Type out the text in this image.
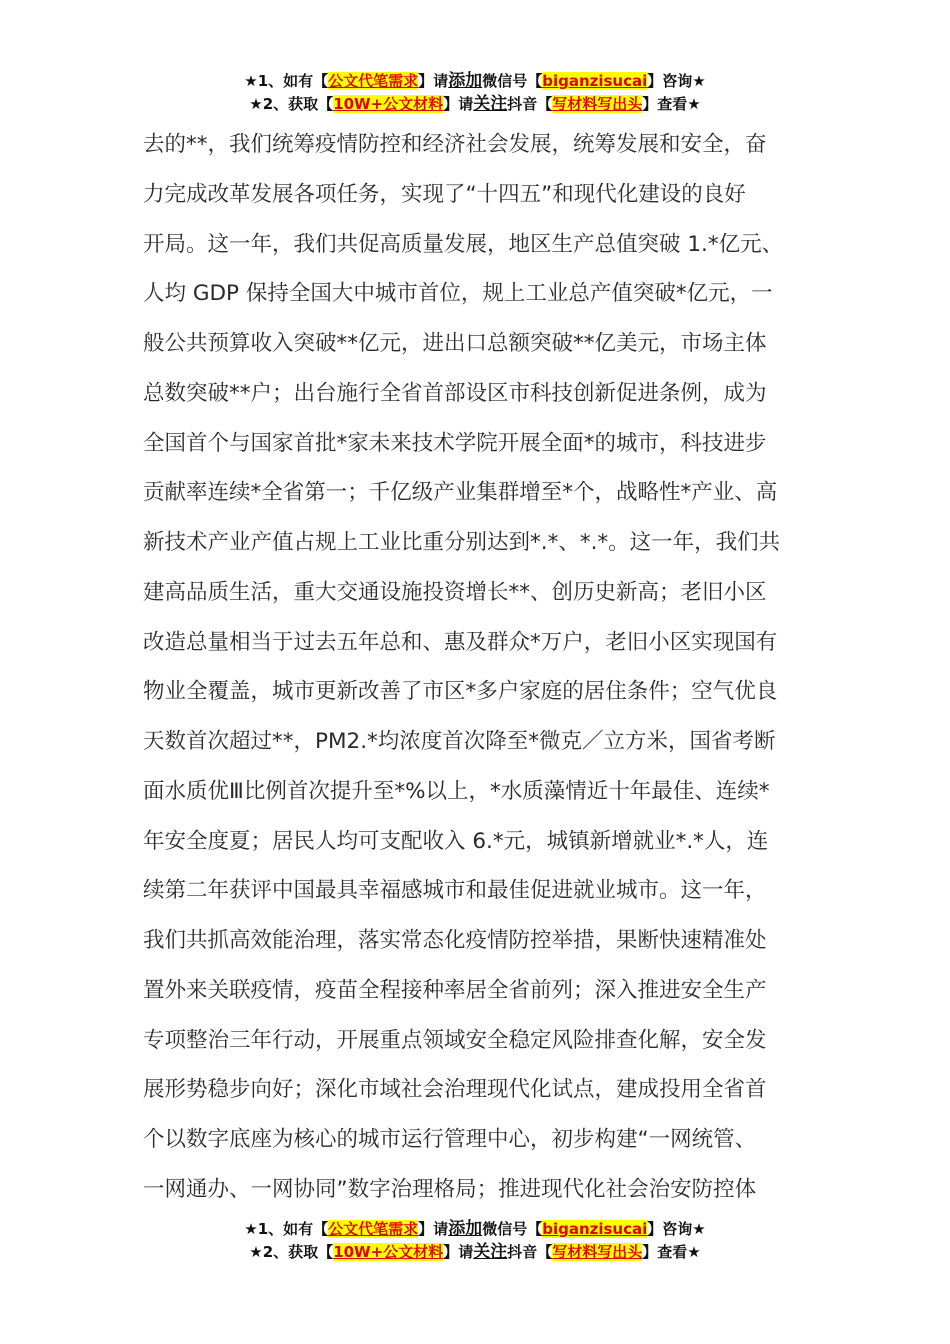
★1、如有【公文代笔需求】请添加微信号【biganzisucai】咨询★
★2、获取【10W+公文材料】请关注抖音【写材料写出头】查看★
去的**，我们统筹疫情防控和经济社会发展，统筹发展和安全，奋
力完成改革发展各项任务，实现了“十四五”和现代化建设的良好
开局。这一年，我们共促高质量发展，地区生产总值突破 1.*亿元、
人均 GDP 保持全国大中城市首位，规上工业总产值突破*亿元，一
般公共预算收入突破**亿元，进出口总额突破**亿美元，市场主体
总数突破**户；出台施行全省首部设区市科技创新促进条例，成为
全国首个与国家首批*家未来技术学院开展全面*的城市，科技进步
贡献率连续*全省第一；千亿级产业集群增至*个，战略性*产业、高
新技术产业产值占规上工业比重分别达到*.*、*.*。这一年，我们共
建高品质生活，重大交通设施投资增长**、创历史新高；老旧小区
改造总量相当于过去五年总和、惠及群众*万户，老旧小区实现国有
物业全覆盖，城市更新改善了市区*多户家庭的居住条件；空气优良
天数首次超过**，PM2.*均浓度首次降至*微克／立方米，国省考断
面水质优Ⅲ比例首次提升至*%以上，*水质藻情近十年最佳、连续*
年安全度夏；居民人均可支配收入 6.*元，城镇新增就业*.*人，连
续第二年获评中国最具幸福感城市和最佳促进就业城市。这一年，
我们共抓高效能治理，落实常态化疫情防控举措，果断快速精准处
置外来关联疫情，疫苗全程接种率居全省前列；深入推进安全生产
专项整治三年行动，开展重点领域安全稳定风险排查化解，安全发
展形势稳步向好；深化市域社会治理现代化试点，建成投用全省首
个以数字底座为核心的城市运行管理中心，初步构建“一网统管、
一网通办、一网协同”数字治理格局；推进现代化社会治安防控体
★1、如有【公文代笔需求】请添加微信号【biganzisucai】咨询★
★2、获取【10W+公文材料】请关注抖音【写材料写出头】查看★
